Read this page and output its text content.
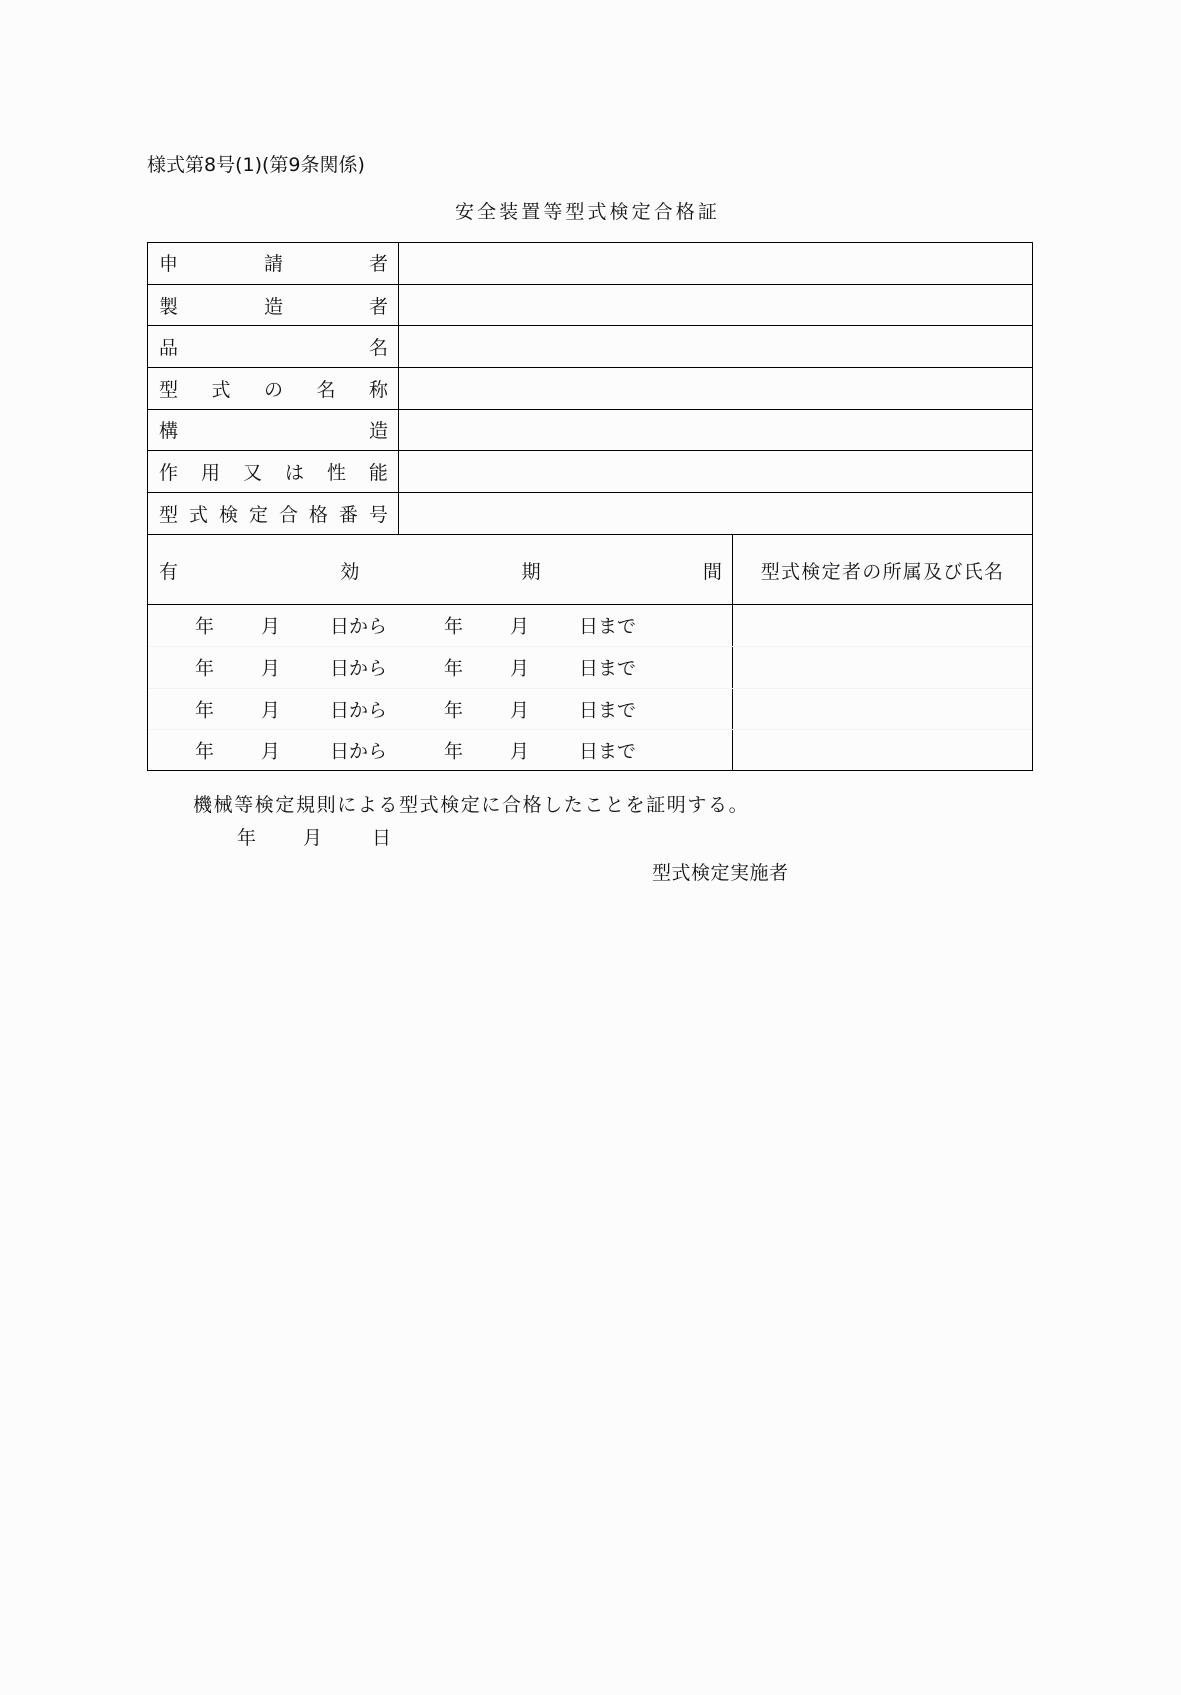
様式第8号(1)(第9条関係)
安 全 装 置 等 型 式 検 定 合 格 証
申	請	者
製	造	者
品	名
型 式 の 名 称
構	造
作 用 又 は 性 能
型 式 検 定 合 格 番 号
有	効	期	間	型式検定者の所属及び氏名
年 月	日から	年 月	日まで
年 月	日から	年 月	日まで
年 月	日から	年 月	日まで
年 月	日から	年 月	日まで
機械等検定規則による型式検定に合格したことを証明する。
年 月	日
型式検定実施者
